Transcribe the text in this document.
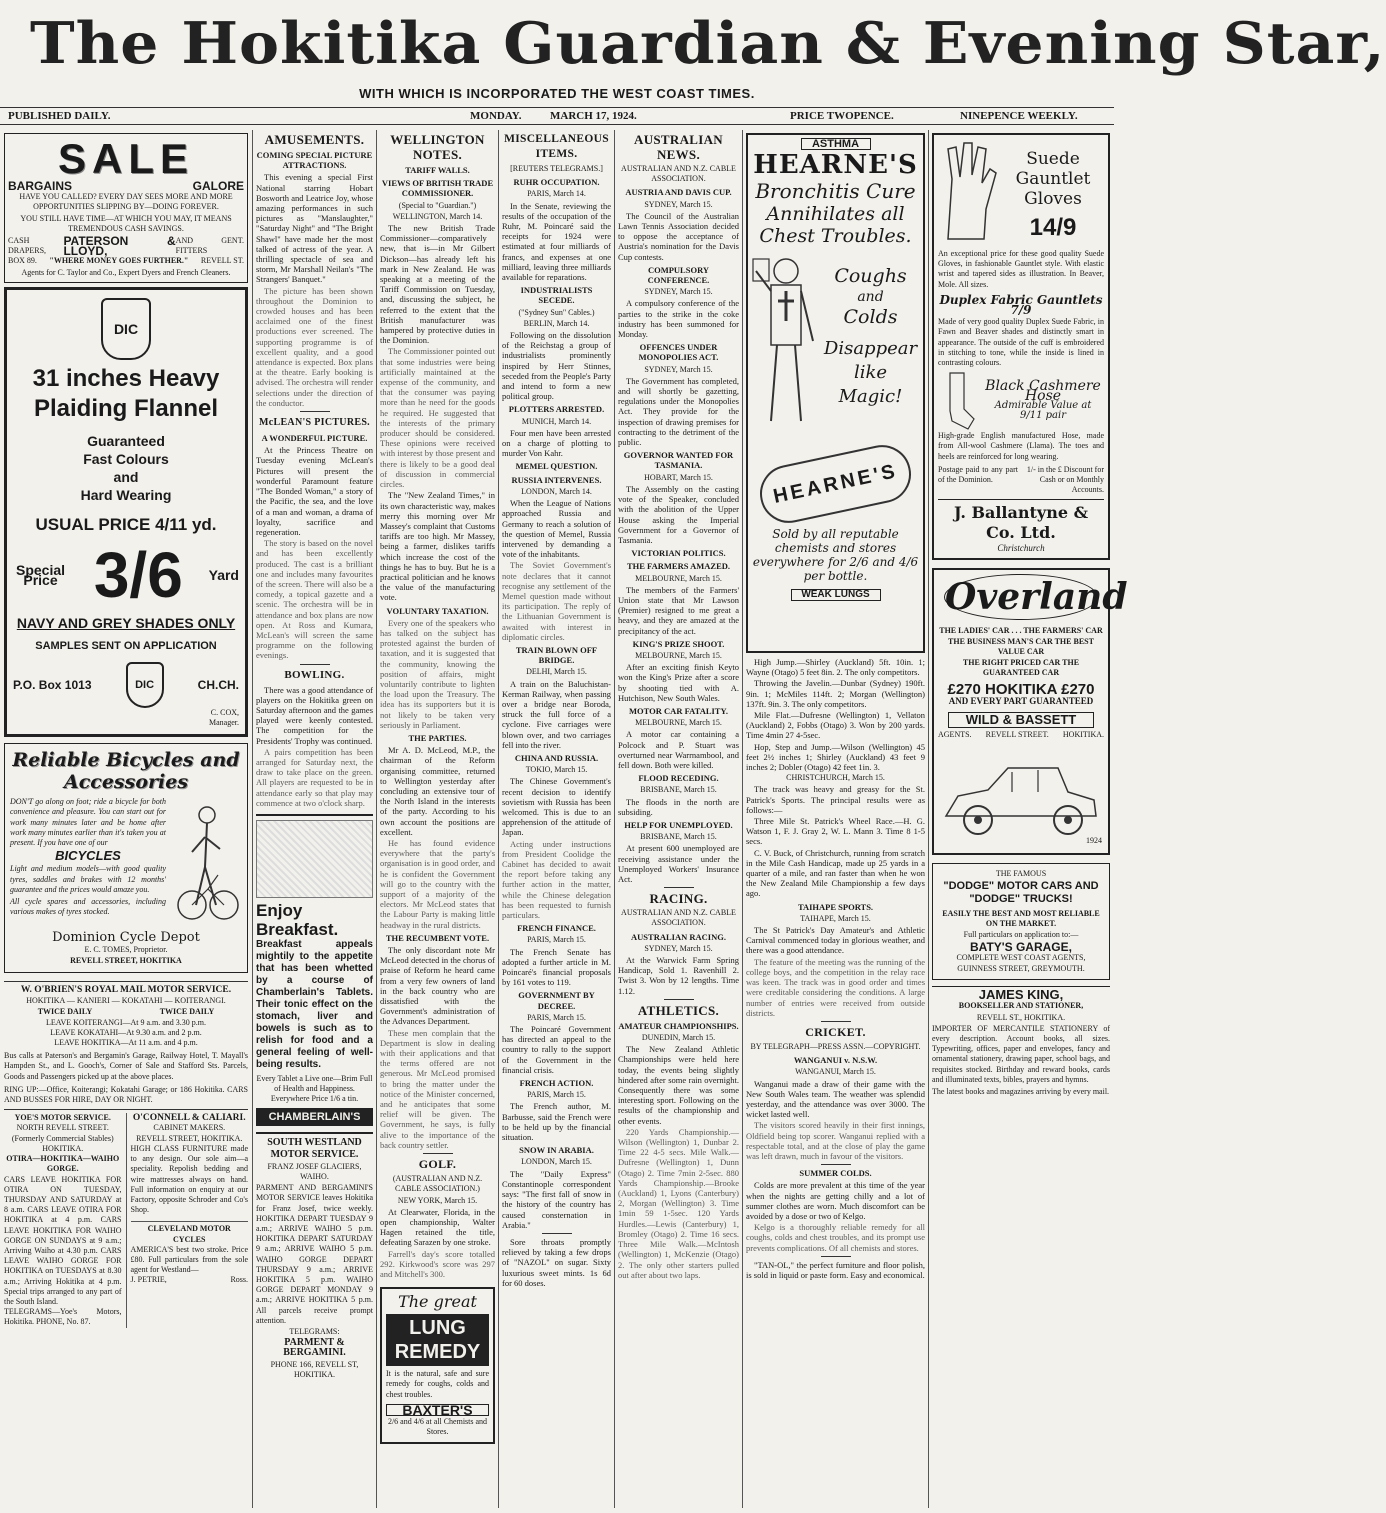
The Hokitika Guardian & Evening Star,
WITH WHICH IS INCORPORATED THE WEST COAST TIMES.
PUBLISHED DAILY.	MONDAY.	MARCH 17, 1924.	PRICE TWOPENCE.	NINEPENCE WEEKLY.
SALE
BARGAINS	GALORE
HAVE YOU CALLED? EVERY DAY SEES MORE AND MORE OPPORTUNITIES SLIPPING BY—DOING FOREVER.
YOU STILL HAVE TIME—AT WHICH YOU MAY, IT MEANS TREMENDOUS CASH SAVINGS.
CASH DRAPERS,
PATERSON & LLOYD,
AND GENT. FITTERS
BOX 89. "WHERE MONEY GOES FURTHER." REVELL ST.
Agents for C. Taylor and Co., Expert Dyers and French Cleaners.
DIC
31 inches Heavy Plaiding Flannel
Guaranteed
Fast Colours
and
Hard Wearing
USUAL PRICE 4/11 yd.
Special Price 3/6 Yard
NAVY AND GREY SHADES ONLY
SAMPLES SENT ON APPLICATION
P.O. Box 1013	DIC	CH.CH.
C. COX,
Manager.
Reliable Bicycles and Accessories
DON'T go along on foot; ride a bicycle for both convenience and pleasure. You can start out for work many minutes later and be home after work many minutes earlier than it's taken you at present. If you have one of our
BICYCLES
Light and medium models—with good quality tyres, saddles and brakes with 12 months' guarantee and the prices would amaze you.
All cycle spares and accessories, including various makes of tyres stocked.
Dominion Cycle Depot
E. C. TOMES, Proprietor.
REVELL STREET, HOKITIKA
W. O'BRIEN'S ROYAL MAIL MOTOR SERVICE.
HOKITIKA — KANIERI — KOKATAHI — KOITERANGI.
TWICE DAILY	TWICE DAILY
LEAVE KOITERANGI—At 9 a.m. and 3.30 p.m.
LEAVE KOKATAHI—At 9.30 a.m. and 2 p.m.
LEAVE HOKITIKA—At 11 a.m. and 4 p.m.
Bus calls at Paterson's and Bergamin's Garage, Railway Hotel, T. Mayall's Hampden St., and L. Gooch's, Corner of Sale and Stafford Sts. Parcels, Goods and Passengers picked up at the above places.
RING UP:—Office, Koiterangi; Kokatahi Garage; or 186 Hokitika. CARS AND BUSSES FOR HIRE, DAY OR NIGHT.
YOE'S MOTOR SERVICE.
NORTH REVELL STREET.
(Formerly Commercial Stables) HOKITIKA.
OTIRA—HOKITIKA—WAIHO GORGE.
CARS LEAVE HOKITIKA FOR OTIRA ON TUESDAY, THURSDAY AND SATURDAY at 8 a.m. CARS LEAVE OTIRA FOR HOKITIKA at 4 p.m. CARS LEAVE HOKITIKA FOR WAIHO GORGE ON SUNDAYS at 9 a.m.; Arriving Waiho at 4.30 p.m. CARS LEAVE WAIHO GORGE FOR HOKITIKA on TUESDAYS at 8.30 a.m.; Arriving Hokitika at 4 p.m. Special trips arranged to any part of the South Island.
TELEGRAMS—Yoe's Motors, Hokitika. PHONE, No. 87.
O'CONNELL & CALIARI.
CABINET MAKERS.
REVELL STREET, HOKITIKA.
HIGH CLASS FURNITURE made to any design. Our sole aim—a speciality. Repolish bedding and wire mattresses always on hand. Full information on enquiry at our Factory, opposite Schroder and Co's Shop.
CLEVELAND MOTOR CYCLES
AMERICA'S best two stroke. Price £80. Full particulars from the sole agent for Westland—
J. PETRIE,	Ross.
AMUSEMENTS.
COMING SPECIAL PICTURE ATTRACTIONS.
This evening a special First National starring Hobart Bosworth and Leatrice Joy, whose amazing performances in such pictures as "Manslaughter," "Saturday Night" and "The Bright Shawl" have made her the most talked of actress of the year. A thrilling spectacle of sea and storm, Mr Marshall Neilan's "The Strangers' Banquet."
The picture has been shown throughout the Dominion to crowded houses and has been acclaimed one of the finest productions ever screened. The supporting programme is of excellent quality, and a good attendance is expected. Box plans at the theatre. Early booking is advised. The orchestra will render selections under the direction of the conductor.
McLEAN'S PICTURES.
A WONDERFUL PICTURE.
At the Princess Theatre on Tuesday evening McLean's Pictures will present the wonderful Paramount feature "The Bonded Woman," a story of the Pacific, the sea, and the love of a man and woman, a drama of loyalty, sacrifice and regeneration.
The story is based on the novel and has been excellently produced. The cast is a brilliant one and includes many favourites of the screen. There will also be a comedy, a topical gazette and a scenic. The orchestra will be in attendance and box plans are now open. At Ross and Kumara, McLean's will screen the same programme on the following evenings.
BOWLING.
There was a good attendance of players on the Hokitika green on Saturday afternoon and the games played were keenly contested. The competition for the Presidents' Trophy was continued.
A pairs competition has been arranged for Saturday next, the draw to take place on the green. All players are requested to be in attendance early so that play may commence at two o'clock sharp.
Enjoy Breakfast.
Breakfast appeals mightily to the appetite that has been whetted by a course of Chamberlain's Tablets. Their tonic effect on the stomach, liver and bowels is such as to relish for food and a general feeling of well-being results.
Every Tablet a Live one—Brim Full of Health and Happiness. Everywhere Price 1/6 a tin.
CHAMBERLAIN'S
SOUTH WESTLAND MOTOR SERVICE.
FRANZ JOSEF GLACIERS, WAIHO.
PARMENT AND BERGAMINI'S MOTOR SERVICE leaves Hokitika for Franz Josef, twice weekly. HOKITIKA DEPART TUESDAY 9 a.m.; ARRIVE WAIHO 5 p.m. HOKITIKA DEPART SATURDAY 9 a.m.; ARRIVE WAIHO 5 p.m. WAIHO GORGE DEPART THURSDAY 9 a.m.; ARRIVE HOKITIKA 5 p.m. WAIHO GORGE DEPART MONDAY 9 a.m.; ARRIVE HOKITIKA 5 p.m. All parcels receive prompt attention.
TELEGRAMS:
PARMENT & BERGAMINI.
PHONE 166, REVELL ST, HOKITIKA.
WELLINGTON NOTES.
TARIFF WALLS.
VIEWS OF BRITISH TRADE COMMISSIONER.
(Special to "Guardian.")
WELLINGTON, March 14.
The new British Trade Commissioner—comparatively new, that is—in Mr Gilbert Dickson—has already left his mark in New Zealand. He was speaking at a meeting of the Tariff Commission on Tuesday, and, discussing the subject, he referred to the extent that the British manufacturer was hampered by protective duties in the Dominion.
The Commissioner pointed out that some industries were being artificially maintained at the expense of the community, and that the consumer was paying more than he need for the goods he required. He suggested that the interests of the primary producer should be considered. These opinions were received with interest by those present and there is likely to be a good deal of discussion in commercial circles.
The "New Zealand Times," in its own characteristic way, makes merry this morning over Mr Massey's complaint that Customs tariffs are too high. Mr Massey, being a farmer, dislikes tariffs which increase the cost of the things he has to buy. But he is a practical politician and he knows the value of the manufacturing vote.
VOLUNTARY TAXATION.
Every one of the speakers who has talked on the subject has protested against the burden of taxation, and it is suggested that the community, knowing the position of affairs, might voluntarily contribute to lighten the load upon the Treasury. The idea has its supporters but it is not likely to be taken very seriously in Parliament.
THE PARTIES.
Mr A. D. McLeod, M.P., the chairman of the Reform organising committee, returned to Wellington yesterday after concluding an extensive tour of the North Island in the interests of the party. According to his own account the positions are excellent.
He has found evidence everywhere that the party's organisation is in good order, and he is confident the Government will go to the country with the support of a majority of the electors. Mr McLeod states that the Labour Party is making little headway in the rural districts.
THE RECUMBENT VOTE.
The only discordant note Mr McLeod detected in the chorus of praise of Reform he heard came from a very few owners of land in the back country who are dissatisfied with the Government's administration of the Advances Department.
These men complain that the Department is slow in dealing with their applications and that the terms offered are not generous. Mr McLeod promised to bring the matter under the notice of the Minister concerned, and he anticipates that some relief will be given. The Government, he says, is fully alive to the importance of the back country settler.
GOLF.
(AUSTRALIAN AND N.Z. CABLE ASSOCIATION.)
NEW YORK, March 15.
At Clearwater, Florida, in the open championship, Walter Hagen retained the title, defeating Sarazen by one stroke.
Farrell's day's score totalled 292. Kirkwood's score was 297 and Mitchell's 300.
The great
LUNG REMEDY
It is the natural, safe and sure remedy for coughs, colds and chest troubles.
BAXTER'S
2/6 and 4/6 at all Chemists and Stores.
MISCELLANEOUS ITEMS.
[REUTERS TELEGRAMS.]
RUHR OCCUPATION.
PARIS, March 14.
In the Senate, reviewing the results of the occupation of the Ruhr, M. Poincaré said the receipts for 1924 were estimated at four milliards of francs, and expenses at one milliard, leaving three milliards available for reparations.
INDUSTRIALISTS SECEDE.
("Sydney Sun" Cables.)
BERLIN, March 14.
Following on the dissolution of the Reichstag a group of industrialists prominently inspired by Herr Stinnes, seceded from the People's Party and intend to form a new political group.
PLOTTERS ARRESTED.
MUNICH, March 14.
Four men have been arrested on a charge of plotting to murder Von Kahr.
MEMEL QUESTION.
RUSSIA INTERVENES.
LONDON, March 14.
When the League of Nations approached Russia and Germany to reach a solution of the question of Memel, Russia intervened by demanding a vote of the inhabitants.
The Soviet Government's note declares that it cannot recognise any settlement of the Memel question made without its participation. The reply of the Lithuanian Government is awaited with interest in diplomatic circles.
TRAIN BLOWN OFF BRIDGE.
DELHI, March 15.
A train on the Baluchistan-Kerman Railway, when passing over a bridge near Boroda, struck the full force of a cyclone. Five carriages were blown over, and two carriages fell into the river.
CHINA AND RUSSIA.
TOKIO, March 15.
The Chinese Government's recent decision to identify sovietism with Russia has been welcomed. This is due to an apprehension of the attitude of Japan.
Acting under instructions from President Coolidge the Cabinet has decided to await the report before taking any further action in the matter, while the Chinese delegation has been requested to furnish particulars.
FRENCH FINANCE.
PARIS, March 15.
The French Senate has adopted a further article in M. Poincaré's financial proposals by 161 votes to 119.
GOVERNMENT BY DECREE.
PARIS, March 15.
The Poincaré Government has directed an appeal to the country to rally to the support of the Government in the financial crisis.
FRENCH ACTION.
PARIS, March 15.
The French author, M. Barbusse, said the French were to be held up by the financial situation.
SNOW IN ARABIA.
LONDON, March 15.
The "Daily Express" Constantinople correspondent says: "The first fall of snow in the history of the country has caused consternation in Arabia."
Sore throats promptly relieved by taking a few drops of "NAZOL" on sugar. Sixty luxurious sweet mints. 1s 6d for 60 doses.
AUSTRALIAN NEWS.
AUSTRALIAN AND N.Z. CABLE ASSOCIATION.
AUSTRIA AND DAVIS CUP.
SYDNEY, March 15.
The Council of the Australian Lawn Tennis Association decided to oppose the acceptance of Austria's nomination for the Davis Cup contests.
COMPULSORY CONFERENCE.
SYDNEY, March 15.
A compulsory conference of the parties to the strike in the coke industry has been summoned for Monday.
OFFENCES UNDER MONOPOLIES ACT.
SYDNEY, March 15.
The Government has completed, and will shortly be gazetting, regulations under the Monopolies Act. They provide for the inspection of drawing premises for contracting to the detriment of the public.
GOVERNOR WANTED FOR TASMANIA.
HOBART, March 15.
The Assembly on the casting vote of the Speaker, concluded with the abolition of the Upper House asking the Imperial Government for a Governor of Tasmania.
VICTORIAN POLITICS.
THE FARMERS AMAZED.
MELBOURNE, March 15.
The members of the Farmers' Union state that Mr Lawson (Premier) resigned to me great a heavy, and they are amazed at the precipitancy of the act.
KING'S PRIZE SHOOT.
MELBOURNE, March 15.
After an exciting finish Keyto won the King's Prize after a score by shooting tied with A. Hutchison, New South Wales.
MOTOR CAR FATALITY.
MELBOURNE, March 15.
A motor car containing a Polcock and P. Stuart was overturned near Warrnambool, and fell down. Both were killed.
FLOOD RECEDING.
BRISBANE, March 15.
The floods in the north are subsiding.
HELP FOR UNEMPLOYED.
BRISBANE, March 15.
At present 600 unemployed are receiving assistance under the Unemployed Workers' Insurance Act.
RACING.
AUSTRALIAN AND N.Z. CABLE ASSOCIATION.
AUSTRALIAN RACING.
SYDNEY, March 15.
At the Warwick Farm Spring Handicap, Sold 1. Ravenhill 2. Twist 3. Won by 12 lengths. Time 1.12.
ATHLETICS.
AMATEUR CHAMPIONSHIPS.
DUNEDIN, March 15.
The New Zealand Athletic Championships were held here today, the events being slightly hindered after some rain overnight. Consequently there was some interesting sport. Following on the results of the championship and other events.
220 Yards Championship.—Wilson (Wellington) 1, Dunbar 2. Time 22 4-5 secs. Mile Walk.—Dufresne (Wellington) 1, Dunn (Otago) 2. Time 7min 2-5sec. 880 Yards Championship.—Brooke (Auckland) 1, Lyons (Canterbury) 2, Morgan (Wellington) 3. Time 1min 59 1-5sec. 120 Yards Hurdles.—Lewis (Canterbury) 1, Bromley (Otago) 2. Time 16 secs. Three Mile Walk.—McIntosh (Wellington) 1, McKenzie (Otago) 2. The only other starters pulled out after about two laps.
ASTHMA
HEARNE'S
Bronchitis Cure
Annihilates all
Chest Troubles.
Coughs
and
Colds
Disappear like Magic!
HEARNE'S
Sold by all reputable chemists and stores everywhere for 2/6 and 4/6 per bottle.
WEAK LUNGS
High Jump.—Shirley (Auckland) 5ft. 10in. 1; Wayne (Otago) 5 feet 8in. 2. The only competitors.
Throwing the Javelin.—Dunbar (Sydney) 190ft. 9in. 1; McMiles 114ft. 2; Morgan (Wellington) 137ft. 9in. 3. The only competitors.
Mile Flat.—Dufresne (Wellington) 1, Vellaton (Auckland) 2, Fobbs (Otago) 3. Won by 200 yards. Time 4min 27 4-5sec.
Hop, Step and Jump.—Wilson (Wellington) 45 feet 2½ inches 1; Shirley (Auckland) 43 feet 9 inches 2; Dobler (Otago) 42 feet 1in. 3.
CHRISTCHURCH, March 15.
The track was heavy and greasy for the St. Patrick's Sports. The principal results were as follows:—
Three Mile St. Patrick's Wheel Race.—H. G. Watson 1, F. J. Gray 2, W. L. Mann 3. Time 8 1-5 secs.
C. V. Buck, of Christchurch, running from scratch in the Mile Cash Handicap, made up 25 yards in a quarter of a mile, and ran faster than when he won the New Zealand Mile Championship a few days ago.
TAIHAPE SPORTS.
TAIHAPE, March 15.
The St Patrick's Day Amateur's and Athletic Carnival commenced today in glorious weather, and there was a good attendance.
The feature of the meeting was the running of the college boys, and the competition in the relay race was keen. The track was in good order and times were creditable considering the conditions. A large number of entries were received from outside districts.
CRICKET.
BY TELEGRAPH—PRESS ASSN.—COPYRIGHT.
WANGANUI v. N.S.W.
WANGANUI, March 15.
Wanganui made a draw of their game with the New South Wales team. The weather was splendid yesterday, and the attendance was over 3000. The wicket lasted well.
The visitors scored heavily in their first innings, Oldfield being top scorer. Wanganui replied with a respectable total, and at the close of play the game was left drawn, much in favour of the visitors.
SUMMER COLDS.
Colds are more prevalent at this time of the year when the nights are getting chilly and a lot of summer clothes are worn. Much discomfort can be avoided by a dose or two of Kelgo.
Kelgo is a thoroughly reliable remedy for all coughs, colds and chest troubles, and its prompt use prevents complications. Of all chemists and stores.
"TAN-OL," the perfect furniture and floor polish, is sold in liquid or paste form. Easy and economical.
Suede Gauntlet Gloves
14/9
An exceptional price for these good quality Suede Gloves, in fashionable Gauntlet style. With elastic wrist and tapered sides as illustration. In Beaver, Mole. All sizes.
Duplex Fabric Gauntlets 7/9
Made of very good quality Duplex Suede Fabric, in Fawn and Beaver shades and distinctly smart in appearance. The outside of the cuff is embroidered in stitching to tone, while the inside is lined in contrasting colours.
Black Cashmere Hose
Admirable Value at 9/11 pair
High-grade English manufactured Hose, made from All-wool Cashmere (Llama). The toes and heels are reinforced for long wearing.
Postage paid to any part of the Dominion.
1/- in the £ Discount for Cash or on Monthly Accounts.
J. Ballantyne & Co. Ltd.
Christchurch
Overland
THE LADIES' CAR . . . THE FARMERS' CAR
THE BUSINESS MAN'S CAR THE BEST VALUE CAR
THE RIGHT PRICED CAR THE GUARANTEED CAR
£270 HOKITIKA £270
AND EVERY PART GUARANTEED
WILD & BASSETT
AGENTS. REVELL STREET. HOKITIKA.
1924
THE FAMOUS
"DODGE" MOTOR CARS AND "DODGE" TRUCKS!
EASILY THE BEST AND MOST RELIABLE ON THE MARKET.
Full particulars on application to:—
BATY'S GARAGE,
COMPLETE WEST COAST AGENTS,
GUINNESS STREET, GREYMOUTH.
JAMES KING,
BOOKSELLER AND STATIONER,
REVELL ST., HOKITIKA.
IMPORTER OF MERCANTILE STATIONERY of every description. Account books, all sizes. Typewriting, offices, paper and envelopes, fancy and ornamental stationery, drawing paper, school bags, and requisites stocked. Birthday and reward books, cards and illuminated texts, bibles, prayers and hymns.
The latest books and magazines arriving by every mail.
